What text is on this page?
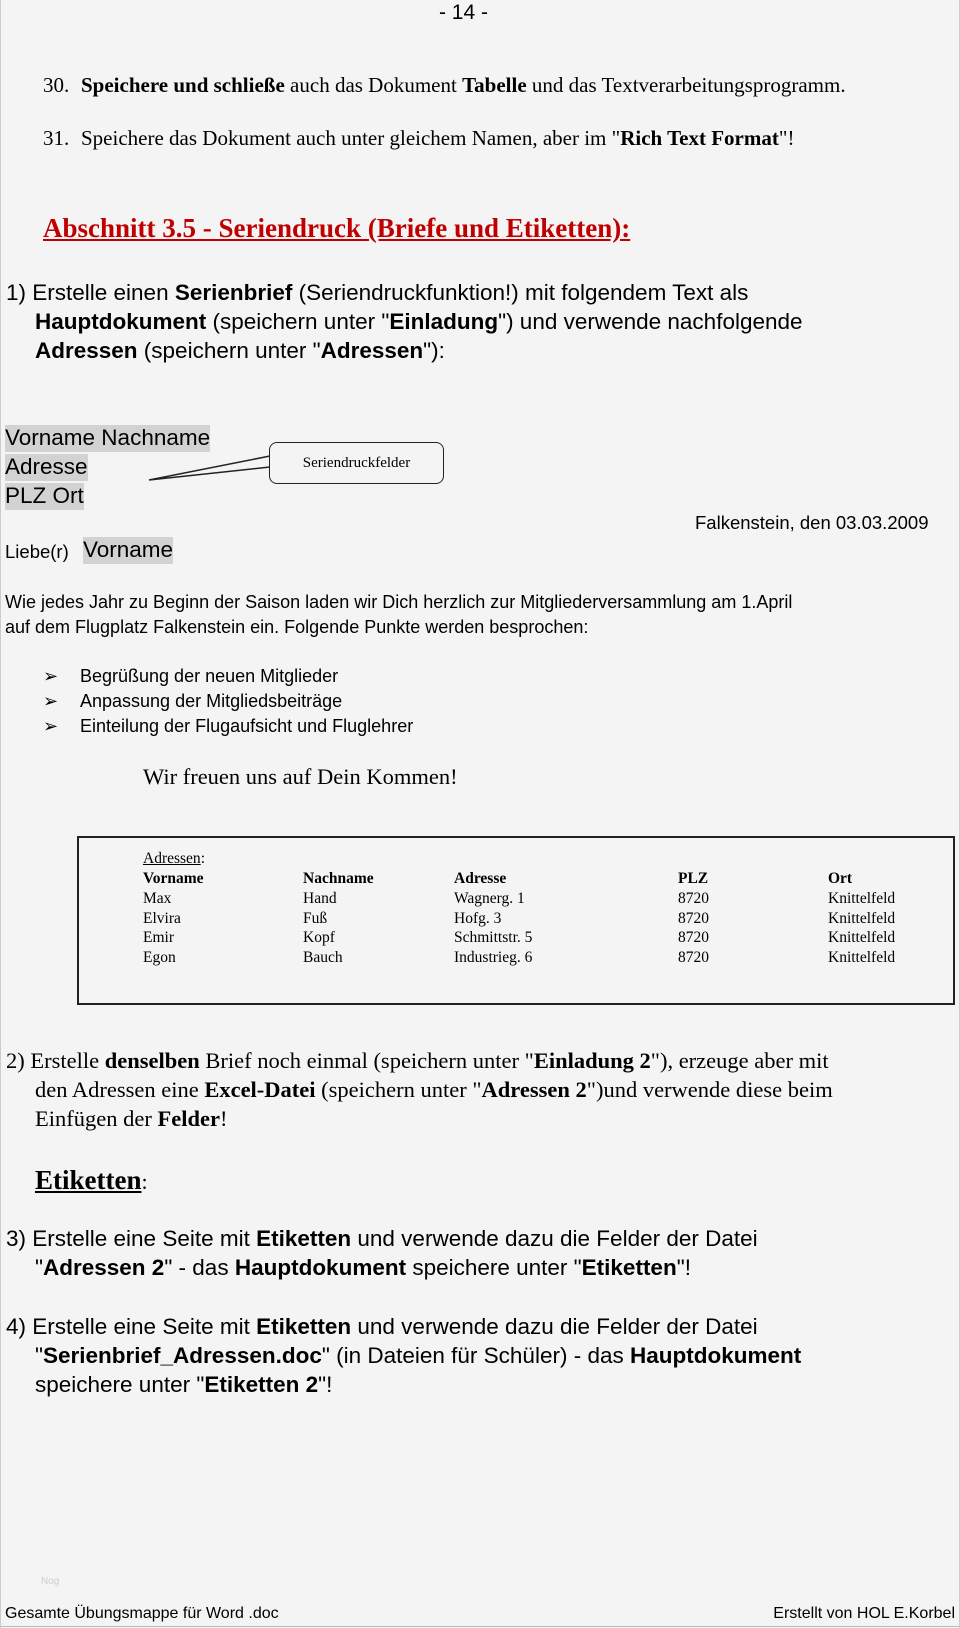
- 14 -
30. Speichere und schließe auch das Dokument Tabelle und das Textverarbeitungsprogramm.
31. Speichere das Dokument auch unter gleichem Namen, aber im "Rich Text Format"!
Abschnitt 3.5 - Seriendruck (Briefe und Etiketten):
1) Erstelle einen Serienbrief (Seriendruckfunktion!) mit folgendem Text als
Hauptdokument (speichern unter "Einladung") und verwende nachfolgende
Adressen (speichern unter "Adressen"):
Vorname Nachname
Adresse
PLZ Ort
Seriendruckfelder
Falkenstein, den 03.03.2009
Liebe(r) Vorname
Wie jedes Jahr zu Beginn der Saison laden wir Dich herzlich zur Mitgliederversammlung am 1.April
auf dem Flugplatz Falkenstein ein. Folgende Punkte werden besprochen:
➢ Begrüßung der neuen Mitglieder
➢ Anpassung der Mitgliedsbeiträge
➢ Einteilung der Flugaufsicht und Fluglehrer
Wir freuen uns auf Dein Kommen!
Adressen:
Vorname	Nachname	Adresse	PLZ	Ort
Max	Hand	Wagnerg. 1	8720	Knittelfeld
Elvira	Fuß	Hofg. 3	8720	Knittelfeld
Emir	Kopf	Schmittstr. 5	8720	Knittelfeld
Egon	Bauch	Industrieg. 6	8720	Knittelfeld
2) Erstelle denselben Brief noch einmal (speichern unter "Einladung 2"), erzeuge aber mit
den Adressen eine Excel-Datei (speichern unter "Adressen 2")und verwende diese beim
Einfügen der Felder!
Etiketten:
3) Erstelle eine Seite mit Etiketten und verwende dazu die Felder der Datei
"Adressen 2" - das Hauptdokument speichere unter "Etiketten"!
4) Erstelle eine Seite mit Etiketten und verwende dazu die Felder der Datei
"Serienbrief_Adressen.doc" (in Dateien für Schüler) - das Hauptdokument
speichere unter "Etiketten 2"!
Nog
Gesamte Übungsmappe für Word .doc	Erstellt von HOL E.Korbel
